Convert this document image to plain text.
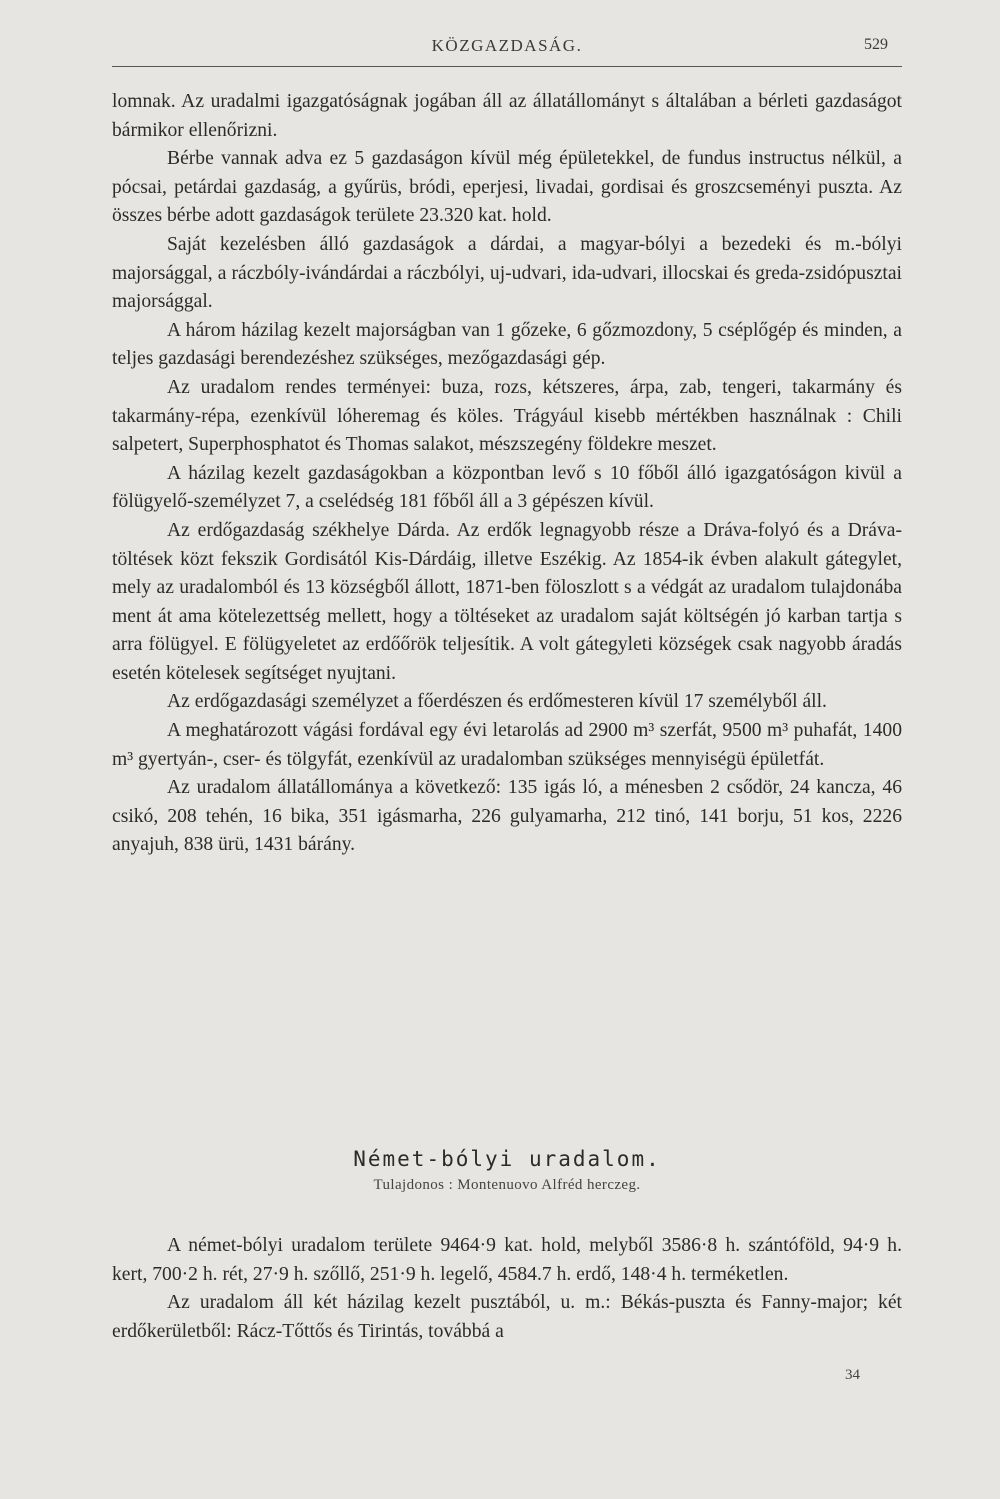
KÖZGAZDASÁG.	529

lomnak. Az uradalmi igazgatóságnak jogában áll az állatállományt s általában a bérleti gazdaságot bármikor ellenőrizni.

Bérbe vannak adva ez 5 gazdaságon kívül még épületekkel, de fundus instructus nélkül, a pócsai, petárdai gazdaság, a gyűrüs, bródi, eperjesi, livadai, gordisai és groszcseményi puszta. Az összes bérbe adott gazdaságok területe 23.320 kat. hold.

Saját kezelésben álló gazdaságok a dárdai, a magyar-bólyi a bezedeki és m.-bólyi majorsággal, a ráczbóly-ivándárdai a ráczbólyi, uj-udvari, ida-udvari, illocskai és greda-zsidópusztai majorsággal.

A három házilag kezelt majorságban van 1 gőzeke, 6 gőzmozdony, 5 cséplőgép és minden, a teljes gazdasági berendezéshez szükséges, mezőgazdasági gép.

Az uradalom rendes terményei: buza, rozs, kétszeres, árpa, zab, tengeri, takarmány és takarmány-répa, ezenkívül lóheremag és köles. Trágyául kisebb mértékben használnak : Chili salpetert, Superphosphatot és Thomas salakot, mészszegény földekre meszet.

A házilag kezelt gazdaságokban a központban levő s 10 főből álló igazgatóságon kivül a fölügyelő-személyzet 7, a cselédség 181 főből áll a 3 gépészen kívül.

Az erdőgazdaság székhelye Dárda. Az erdők legnagyobb része a Dráva-folyó és a Dráva-töltések közt fekszik Gordisától Kis-Dárdáig, illetve Eszékig. Az 1854-ik évben alakult gátegylet, mely az uradalomból és 13 községből állott, 1871-ben föloszlott s a védgát az uradalom tulajdonába ment át ama kötelezettség mellett, hogy a töltéseket az uradalom saját költségén jó karban tartja s arra fölügyel. E fölügyeletet az erdőőrök teljesítik. A volt gátegyleti községek csak nagyobb áradás esetén kötelesek segítséget nyujtani.

Az erdőgazdasági személyzet a főerdészen és erdőmesteren kívül 17 személyből áll.

A meghatározott vágási fordával egy évi letarolás ad 2900 m³ szerfát, 9500 m³ puhafát, 1400 m³ gyertyán-, cser- és tölgyfát, ezenkívül az uradalomban szükséges mennyiségü épületfát.

Az uradalom állatállománya a következő: 135 igás ló, a ménesben 2 csődör, 24 kancza, 46 csikó, 208 tehén, 16 bika, 351 igásmarha, 226 gulyamarha, 212 tinó, 141 borju, 51 kos, 2226 anyajuh, 838 ürü, 1431 bárány.

Német-bólyi uradalom.
Tulajdonos : Montenuovo Alfréd herczeg.

A német-bólyi uradalom területe 9464·9 kat. hold, melyből 3586·8 h. szántóföld, 94·9 h. kert, 700·2 h. rét, 27·9 h. szőllő, 251·9 h. legelő, 4584.7 h. erdő, 148·4 h. terméketlen.

Az uradalom áll két házilag kezelt pusztából, u. m.: Békás-puszta és Fanny-major; két erdőkerületből: Rácz-Tőttős és Tirintás, továbbá a

34
